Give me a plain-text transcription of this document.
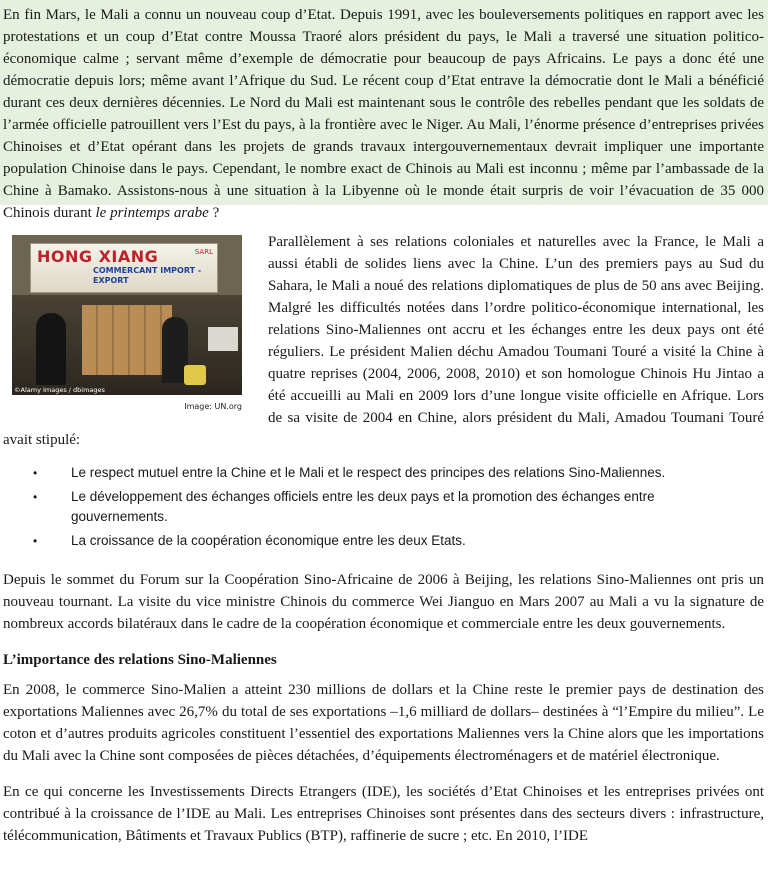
En fin Mars, le Mali a connu un nouveau coup d’Etat. Depuis 1991, avec les bouleversements politiques en rapport avec les protestations et un coup d’Etat contre Moussa Traoré alors président du pays, le Mali a traversé une situation politico-économique calme ; servant même d’exemple de démocratie pour beaucoup de pays Africains. Le pays a donc été une démocratie depuis lors; même avant l’Afrique du Sud. Le récent coup d’Etat entrave la démocratie dont le Mali a bénéficié durant ces deux dernières décennies. Le Nord du Mali est maintenant sous le contrôle des rebelles pendant que les soldats de l’armée officielle patrouillent vers l’Est du pays, à la frontière avec le Niger. Au Mali, l’énorme présence d’entreprises privées Chinoises et d’Etat opérant dans les projets de grands travaux intergouvernementaux devrait impliquer une importante population Chinoise dans le pays. Cependant, le nombre exact de Chinois au Mali est inconnu ; même par l’ambassade de la Chine à Bamako. Assistons-nous à une situation à la Libyenne où le monde était surpris de voir l’évacuation de 35 000 Chinois durant le printemps arabe ?

HONG XIANG
COMMERCANT IMPORT - EXPORT
SARL
©Alamy Images / dbimages
Image: UN.org

Parallèlement à ses relations coloniales et naturelles avec la France, le Mali a aussi établi de solides liens avec la Chine. L’un des premiers pays au Sud du Sahara, le Mali a noué des relations diplomatiques de plus de 50 ans avec Beijing. Malgré les difficultés notées dans l’ordre politico-économique international, les relations Sino-Maliennes ont accru et les échanges entre les deux pays ont été réguliers. Le président Malien déchu Amadou Toumani Touré a visité la Chine à quatre reprises (2004, 2006, 2008, 2010) et son homologue Chinois Hu Jintao a été accueilli au Mali en 2009 lors d’une longue visite officielle en Afrique. Lors de sa visite de 2004 en Chine, alors président du Mali, Amadou Toumani Touré avait stipulé:

•	Le respect mutuel entre la Chine et le Mali et le respect des principes des relations Sino-Maliennes.
•	Le développement des échanges officiels entre les deux pays et la promotion des échanges entre gouvernements.
•	La croissance de la coopération économique entre les deux Etats.

Depuis le sommet du Forum sur la Coopération Sino-Africaine de 2006 à Beijing, les relations Sino-Maliennes ont pris un nouveau tournant. La visite du vice ministre Chinois du commerce Wei Jianguo en Mars 2007 au Mali a vu la signature de nombreux accords bilatéraux dans le cadre de la coopération économique et commerciale entre les deux gouvernements.

L’importance des relations Sino-Maliennes

En 2008, le commerce Sino-Malien a atteint 230 millions de dollars et la Chine reste le premier pays de destination des exportations Maliennes avec 26,7% du total de ses exportations –1,6 milliard de dollars– destinées à “l’Empire du milieu”. Le coton et d’autres produits agricoles constituent l’essentiel des exportations Maliennes vers la Chine alors que les importations du Mali avec la Chine sont composées de pièces détachées, d’équipements électroménagers et de matériel électronique.

En ce qui concerne les Investissements Directs Etrangers (IDE), les sociétés d’Etat Chinoises et les entreprises privées ont contribué à la croissance de l’IDE au Mali. Les entreprises Chinoises sont présentes dans des secteurs divers : infrastructure, télécommunication, Bâtiments et Travaux Publics (BTP), raffinerie de sucre ; etc. En 2010, l’IDE
